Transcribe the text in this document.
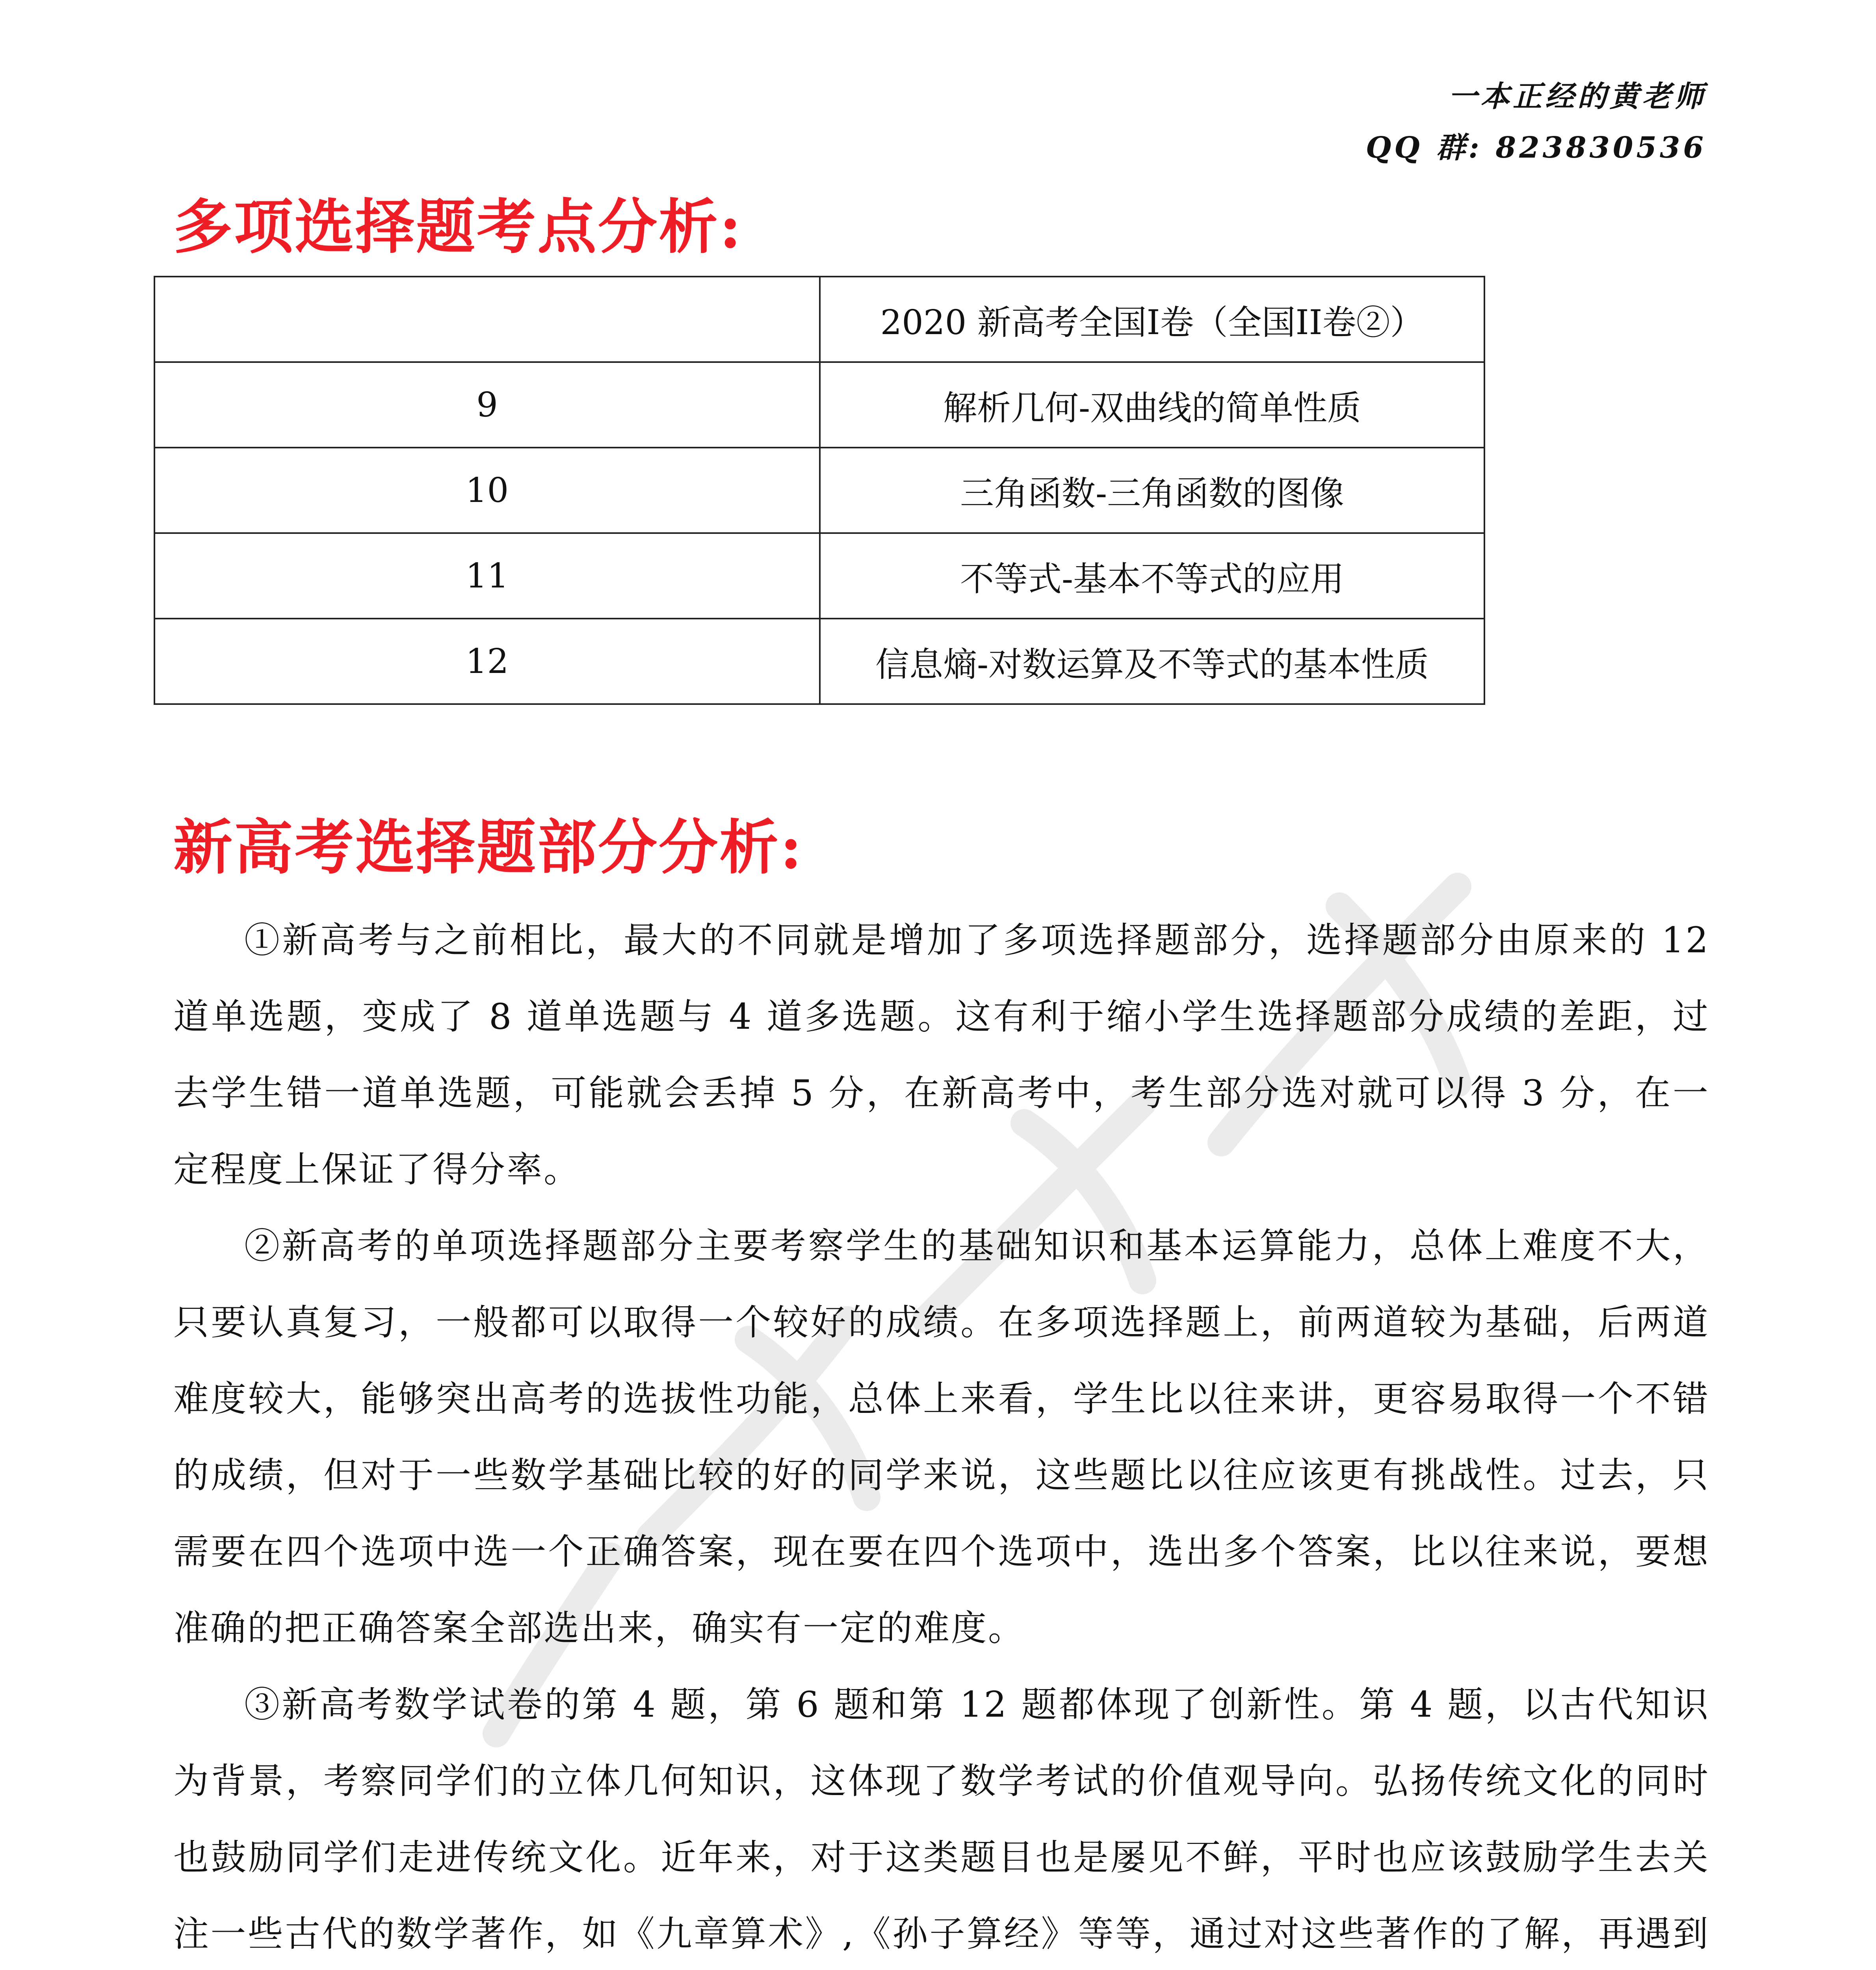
一本正经的黄老师
QQ 群: 823830536
多项选择题考点分析:
	2020 新高考全国I卷（全国II卷②）
9	解析几何-双曲线的简单性质
10	三角函数-三角函数的图像
11	不等式-基本不等式的应用
12	信息熵-对数运算及不等式的基本性质
新高考选择题部分分析:

①新高考与之前相比，最大的不同就是增加了多项选择题部分，选择题部分由原来的 12 道单选题，变成了 8 道单选题与 4 道多选题。这有利于缩小学生选择题部分成绩的差距，过去学生错一道单选题，可能就会丢掉 5 分，在新高考中，考生部分选对就可以得 3 分，在一定程度上保证了得分率。

②新高考的单项选择题部分主要考察学生的基础知识和基本运算能力，总体上难度不大，只要认真复习，一般都可以取得一个较好的成绩。在多项选择题上，前两道较为基础，后两道难度较大，能够突出高考的选拔性功能，总体上来看，学生比以往来讲，更容易取得一个不错的成绩，但对于一些数学基础比较的好的同学来说，这些题比以往应该更有挑战性。过去，只需要在四个选项中选一个正确答案，现在要在四个选项中，选出多个答案，比以往来说，要想准确的把正确答案全部选出来，确实有一定的难度。

③新高考数学试卷的第 4 题，第 6 题和第 12 题都体现了创新性。第 4 题，以古代知识为背景，考察同学们的立体几何知识，这体现了数学考试的价值观导向。弘扬传统文化的同时也鼓励同学们走进传统文化。近年来，对于这类题目也是屡见不鲜，平时也应该鼓励学生去关注一些古代的数学著作，如《九章算术》,《孙子算经》等等，通过对这些著作的了解，再遇到
